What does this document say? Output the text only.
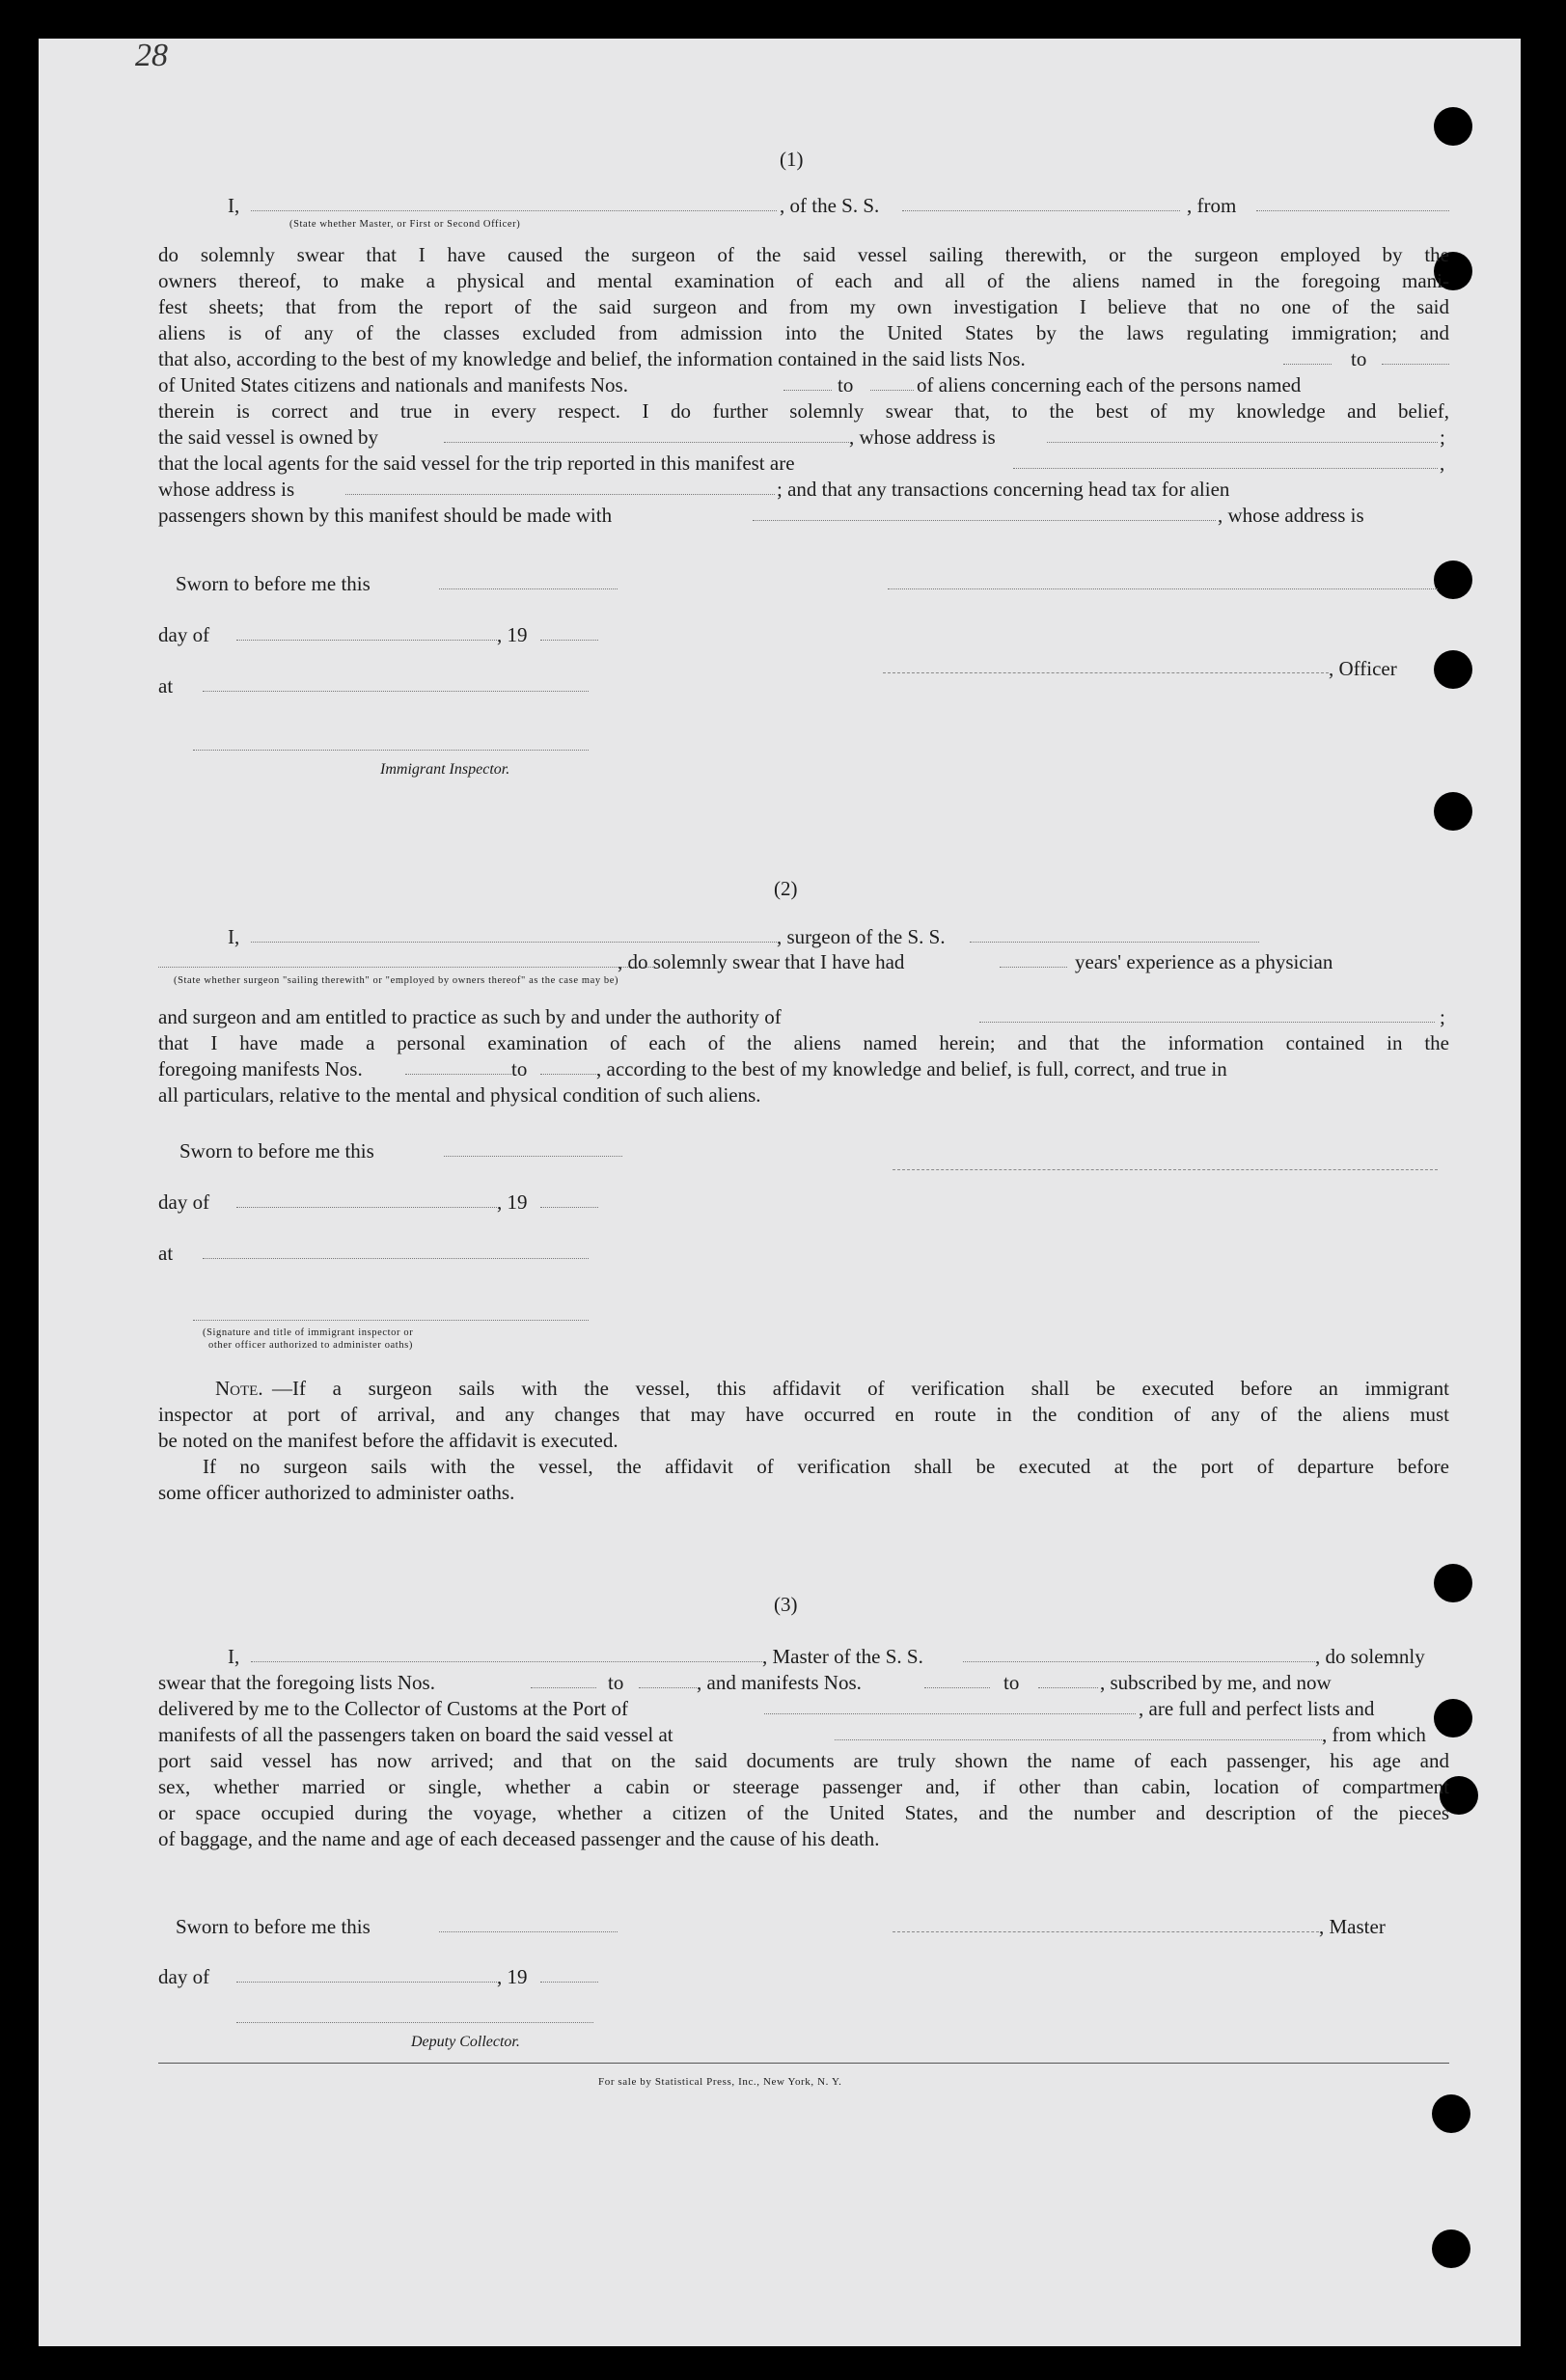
28
(1)
I,
(State whether Master, or First or Second Officer)
, of the S. S.	, from
do solemnly swear that I have caused the surgeon of the said vessel sailing therewith, or the surgeon employed by the
owners thereof, to make a physical and mental examination of each and all of the aliens named in the foregoing mani-
fest sheets; that from the report of the said surgeon and from my own investigation I believe that no one of the said
aliens is of any of the classes excluded from admission into the United States by the laws regulating immigration; and
that also, according to the best of my knowledge and belief, the information contained in the said lists Nos.	to
of United States citizens and nationals and manifests Nos.	to	of aliens concerning each of the persons named
therein is correct and true in every respect. I do further solemnly swear that, to the best of my knowledge and belief,
the said vessel is owned by	, whose address is	;
that the local agents for the said vessel for the trip reported in this manifest are	,
whose address is	; and that any transactions concerning head tax for alien
passengers shown by this manifest should be made with	, whose address is
Sworn to before me this
day of	, 19
, Officer
at
Immigrant Inspector.
(2)
I,	, surgeon of the S. S.
, do solemnly swear that I have had	years' experience as a physician
(State whether surgeon "sailing therewith" or "employed by owners thereof" as the case may be)
and surgeon and am entitled to practice as such by and under the authority of	;
that I have made a personal examination of each of the aliens named herein; and that the information contained in the
foregoing manifests Nos.	to	, according to the best of my knowledge and belief, is full, correct, and true in
all particulars, relative to the mental and physical condition of such aliens.
Sworn to before me this
day of	, 19
at
(Signature and title of immigrant inspector or
other officer authorized to administer oaths)
Note. —If a surgeon sails with the vessel, this affidavit of verification shall be executed before an immigrant
inspector at port of arrival, and any changes that may have occurred en route in the condition of any of the aliens must
be noted on the manifest before the affidavit is executed.
If no surgeon sails with the vessel, the affidavit of verification shall be executed at the port of departure before
some officer authorized to administer oaths.
(3)
I,	, Master of the S. S.	, do solemnly
swear that the foregoing lists Nos.	to	, and manifests Nos.	to	, subscribed by me, and now
delivered by me to the Collector of Customs at the Port of	, are full and perfect lists and
manifests of all the passengers taken on board the said vessel at	, from which
port said vessel has now arrived; and that on the said documents are truly shown the name of each passenger, his age and
sex, whether married or single, whether a cabin or steerage passenger and, if other than cabin, location of compartment
or space occupied during the voyage, whether a citizen of the United States, and the number and description of the pieces
of baggage, and the name and age of each deceased passenger and the cause of his death.
Sworn to before me this	, Master
day of	, 19
Deputy Collector.
For sale by Statistical Press, Inc., New York, N. Y.
